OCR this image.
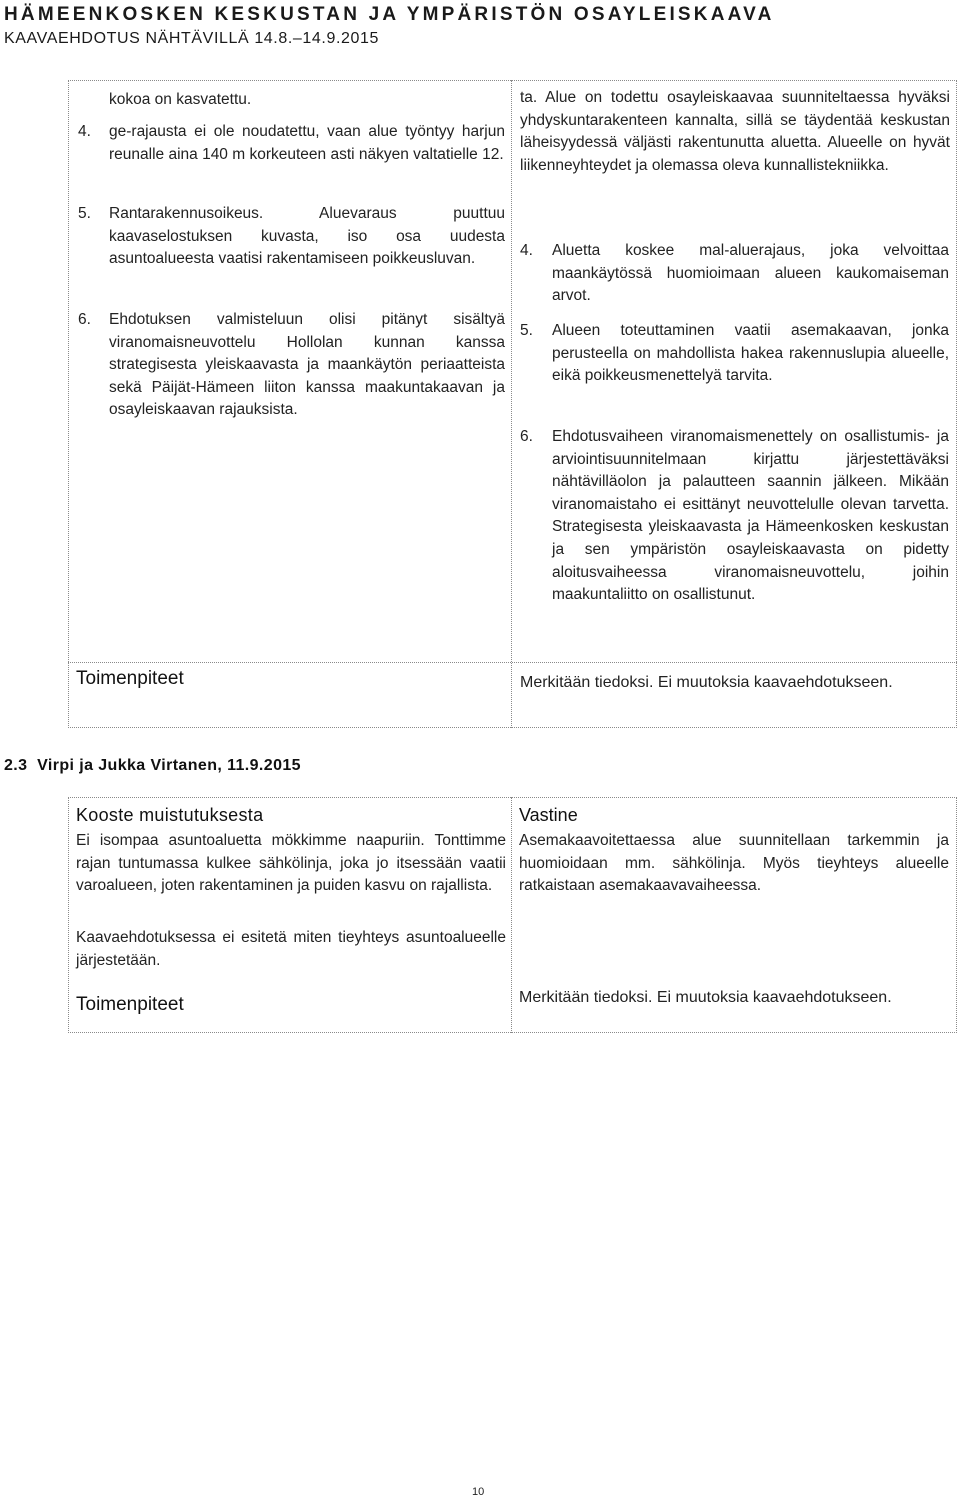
HÄMEENKOSKEN KESKUSTAN JA YMPÄRISTÖN OSAYLEISKAAVA
KAAVAEHDOTUS NÄHTÄVILLÄ 14.8.–14.9.2015

kokoa on kasvatettu.

4. ge-rajausta ei ole noudatettu, vaan alue työntyy harjun reunalle aina 140 m korkeuteen asti näkyen valtatielle 12.
5. Rantarakennusoikeus. Aluevaraus puuttuu kaavaselostuksen kuvasta, iso osa uudesta asuntoalueesta vaatisi rakentamiseen poikkeusluvan.
6. Ehdotuksen valmisteluun olisi pitänyt sisältyä viranomaisneuvottelu Hollolan kunnan kanssa strategisesta yleiskaavasta ja maankäytön periaatteista sekä Päijät-Hämeen liiton kanssa maakuntakaavan ja osayleiskaavan rajauksista.
Toimenpiteet
ta. Alue on todettu osayleiskaavaa suunniteltaessa hyväksi yhdyskuntarakenteen kannalta, sillä se täydentää keskustan läheisyydessä väljästi rakentunutta aluetta. Alueelle on hyvät liikenneyhteydet ja olemassa oleva kunnallistekniikka.
4. Aluetta koskee mal-aluerajaus, joka velvoittaa maankäytössä huomioimaan alueen kaukomaiseman arvot.
5. Alueen toteuttaminen vaatii asemakaavan, jonka perusteella on mahdollista hakea rakennuslupia alueelle, eikä poikkeusmenettelyä tarvita.
6. Ehdotusvaiheen viranomaismenettely on osallistumis- ja arviointisuunnitelmaan kirjattu järjestettäväksi nähtävilläolon ja palautteen saannin jälkeen. Mikään viranomaistaho ei esittänyt neuvottelulle olevan tarvetta. Strategisesta yleiskaavasta ja Hämeenkosken keskustan ja sen ympäristön osayleiskaavasta on pidetty aloitusvaiheessa viranomaisneuvottelu, joihin maakuntaliitto on osallistunut.
Merkitään tiedoksi. Ei muutoksia kaavaehdotukseen.
2.3  Virpi ja Jukka Virtanen, 11.9.2015
Kooste muistutuksesta	Vastine
Ei isompaa asuntoaluetta mökkimme naapuriin. Tonttimme rajan tuntumassa kulkee sähkölinja, joka jo itsessään vaatii varoalueen, joten rakentaminen ja puiden kasvu on rajallista.
Kaavaehdotuksessa ei esitetä miten tieyhteys asuntoalueelle järjestetään.
Asemakaavoitettaessa alue suunnitellaan tarkemmin ja huomioidaan mm. sähkölinja. Myös tieyhteys alueelle ratkaistaan asemakaavavaiheessa.
Toimenpiteet	Merkitään tiedoksi. Ei muutoksia kaavaehdotukseen.
10
